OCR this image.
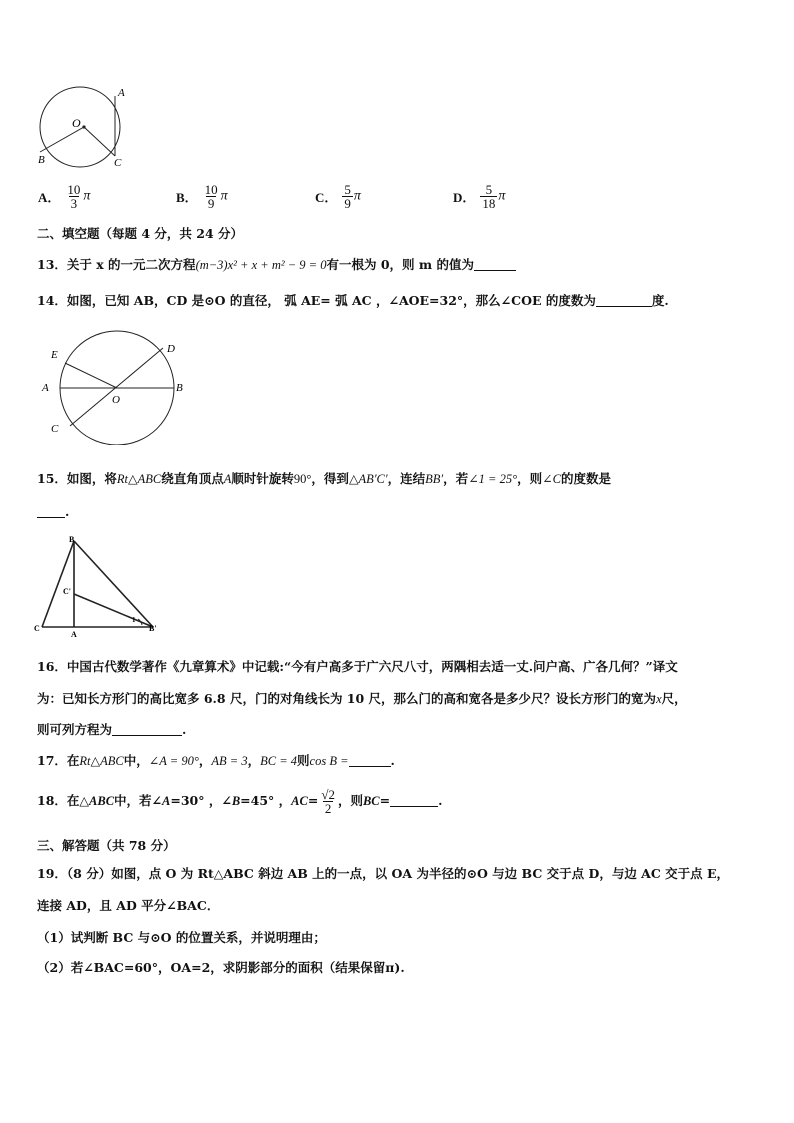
A
O
B	C
A． $\frac{10}{3}$ π	B． $\frac{10}{9}$ π	C． $\frac{5}{9}$ π	D． $\frac{5}{18}$ π
二、填空题（每题 4 分，共 24 分）
13．关于 x 的一元二次方程(m−3)x² + x + m² − 9 = 0有一根为 0，则 m 的值为
14．如图，已知 AB，CD 是⊙O 的直径， 弧 AE= 弧 AC ，∠AOE=32°，那么∠COE 的度数为	度.
E	D
A
O
B
C
15．如图，将Rt△ABC绕直角顶点A顺时针旋转90°，得到△AB′C′，连结BB′，若∠1 = 25°，则∠C的度数是
.
B
C'
C
A
B'
1
16．中国古代数学著作《九章算术》中记载:“今有户高多于广六尺八寸，两隅相去适一丈.问户高、广各几何？”译文
为：已知长方形门的高比宽多 6.8 尺，门的对角线长为 10 尺，那么门的高和宽各是多少尺？设长方形门的宽为x尺，
则可列方程为	.
17．在Rt△ABC中，∠A = 90°，AB = 3，BC = 4则cos B =	.
18．在△ABC中，若∠A=30° ，∠B=45° ，$AC= \frac{√2}{2}$ ，则BC=	.
三、解答题（共 78 分）
19．（8 分）如图，点 O 为 Rt△ABC 斜边 AB 上的一点，以 OA 为半径的⊙O 与边 BC 交于点 D，与边 AC 交于点 E，
连接 AD，且 AD 平分∠BAC．
（1）试判断 BC 与⊙O 的位置关系，并说明理由；
（2）若∠BAC=60°，OA=2，求阴影部分的面积（结果保留π).
